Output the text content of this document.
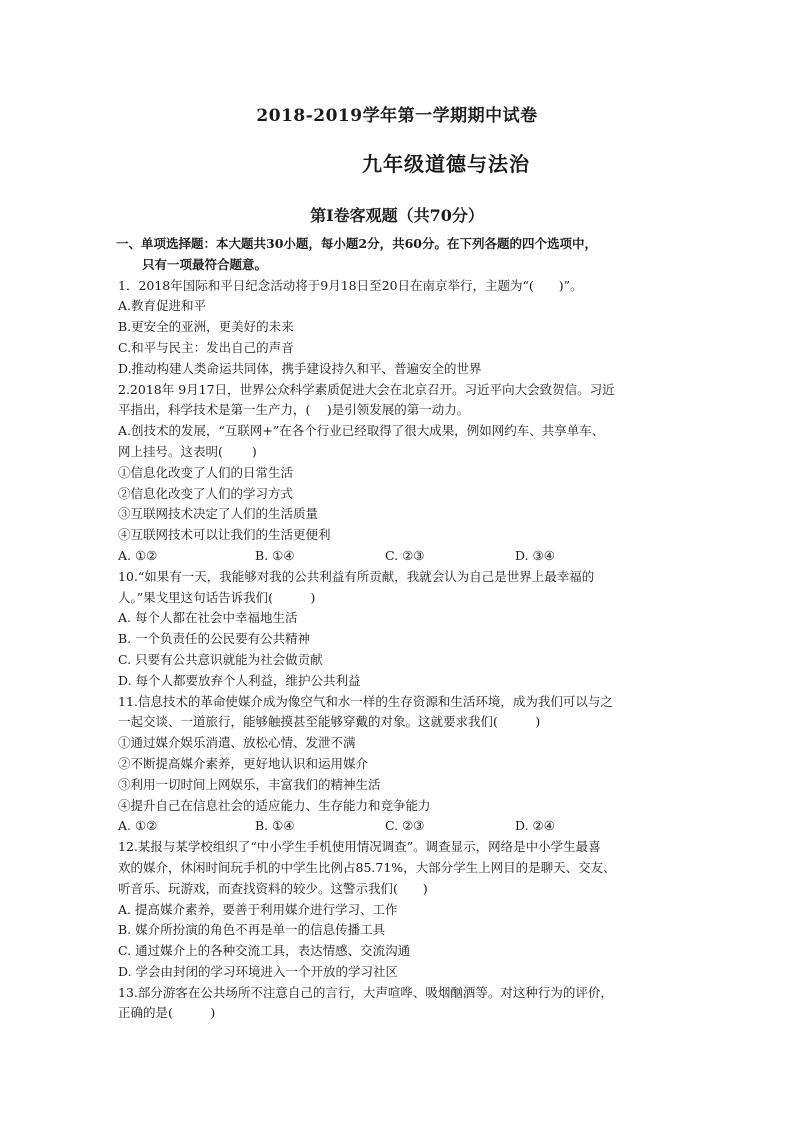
2018-2019学年第一学期期中试卷
九年级道德与法治
第Ⅰ卷客观题（共70分）
一、单项选择题：本大题共30小题，每小题2分，共60分。在下列各题的四个选项中，
只有一项最符合题意。
1．2018年国际和平日纪念活动将于9月18日至20日在南京举行，主题为“(　　)”。
A.教育促进和平
B.更安全的亚洲，更美好的未来
C.和平与民主：发出自己的声音
D.推动构建人类命运共同体，携手建设持久和平、普遍安全的世界
2.2018年 9月17日，世界公众科学素质促进大会在北京召开。习近平向大会致贺信。习近
平指出，科学技术是第一生产力，(　 )是引领发展的第一动力。
A.创技术的发展，“互联网+”在各个行业已经取得了很大成果，例如网约车、共享单车、
网上挂号。这表明(　　 )
①信息化改变了人们的日常生活
②信息化改变了人们的学习方式
③互联网技术决定了人们的生活质量
④互联网技术可以让我们的生活更便利
A. ①②	B. ①④	C. ②③	D. ③④
10.“如果有一天，我能够对我的公共利益有所贡献，我就会认为自己是世界上最幸福的
人。”果戈里这句话告诉我们(　　　)
A. 每个人都在社会中幸福地生活
B. 一个负责任的公民要有公共精神
C. 只要有公共意识就能为社会做贡献
D. 每个人都要放弃个人利益，维护公共利益
11.信息技术的革命使媒介成为像空气和水一样的生存资源和生活环境，成为我们可以与之
一起交谈、一道旅行，能够触摸甚至能够穿戴的对象。这就要求我们(　　　)
①通过媒介娱乐消遣、放松心情、发泄不满
②不断提高媒介素养，更好地认识和运用媒介
③利用一切时间上网娱乐，丰富我们的精神生活
④提升自己在信息社会的适应能力、生存能力和竞争能力
A. ①②	B. ①④	C. ②③	D. ②④
12.某报与某学校组织了“中小学生手机使用情况调查”。调查显示，网络是中小学生最喜
欢的媒介，休闲时间玩手机的中学生比例占85.71%，大部分学生上网目的是聊天、交友、
听音乐、玩游戏，而查找资料的较少。这警示我们(　　)
A. 提高媒介素养，要善于利用媒介进行学习、工作
B. 媒介所扮演的角色不再是单一的信息传播工具
C. 通过媒介上的各种交流工具，表达情感、交流沟通
D. 学会由封闭的学习环境进入一个开放的学习社区
13.部分游客在公共场所不注意自己的言行，大声喧哗、吸烟酗酒等。对这种行为的评价，
正确的是(　　　)
